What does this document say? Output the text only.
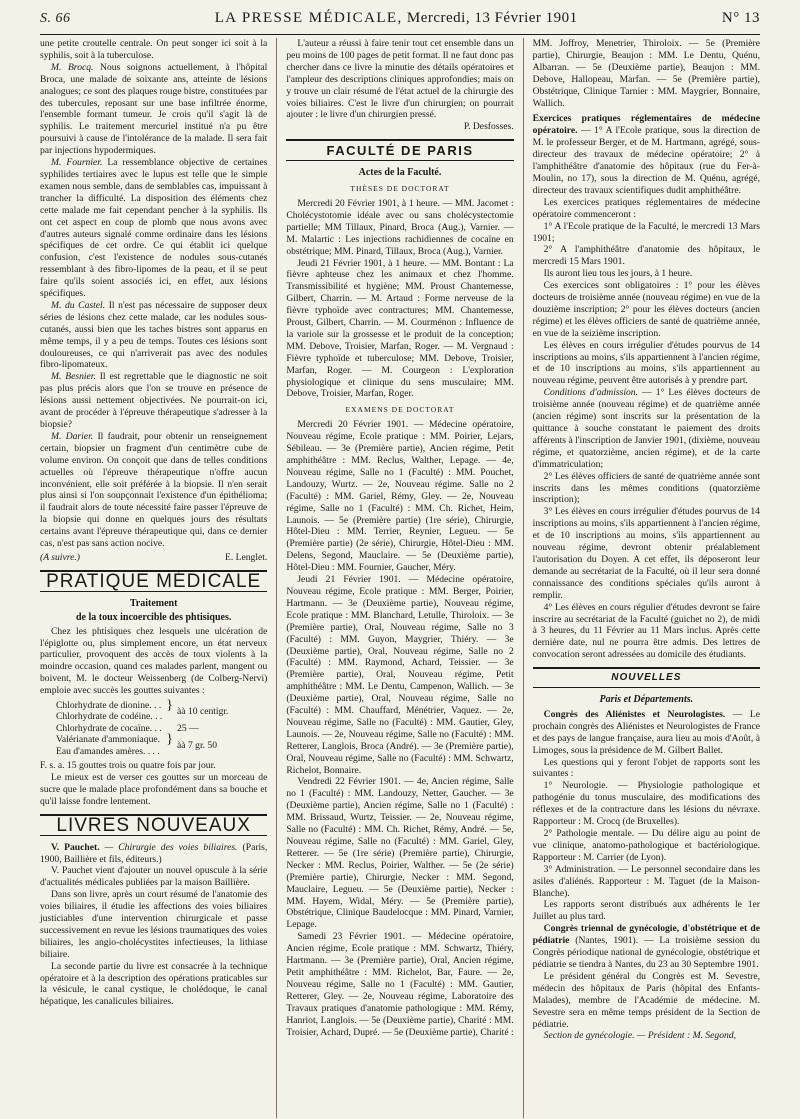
S. 66	LA PRESSE MÉDICALE, Mercredi, 13 Février 1901	N° 13

une petite croutelle centrale. On peut songer ici soit à la syphilis, soit à la tuberculose.

M. Brocq. Nous soignons actuellement, à l'hôpital Broca, une malade de soixante ans, atteinte de lésions analogues; ce sont des plaques rouge bistre, constituées par des tubercules, reposant sur une base infiltrée énorme, l'ensemble formant tumeur. Je crois qu'il s'agit là de syphilis. Le traitement mercuriel institué n'a pu être poursuivi à cause de l'intolérance de la malade. Il sera fait par injections hypodermiques.

M. Fournier. La ressemblance objective de certaines syphilides tertiaires avec le lupus est telle que le simple examen nous semble, dans de semblables cas, impuissant à trancher la difficulté. La disposition des éléments chez cette malade me fait cependant pencher à la syphilis. Ils ont cet aspect en coup de plomb que nous avons avec d'autres auteurs signalé comme ordinaire dans les lésions spécifiques de cet ordre. Ce qui établit ici quelque confusion, c'est l'existence de nodules sous-cutanés ressemblant à des fibro-lipomes de la peau, et il se peut faire qu'ils soient associés ici, en effet, aux lésions spécifiques.

M. du Castel. Il n'est pas nécessaire de supposer deux séries de lésions chez cette malade, car les nodules sous-cutanés, aussi bien que les taches bistres sont apparus en même temps, il y a peu de temps. Toutes ces lésions sont douloureuses, ce qui n'arriverait pas avec des nodules fibro-lipomateux.

M. Besnier. Il est regrettable que le diagnostic ne soit pas plus précis alors que l'on se trouve en présence de lésions aussi nettement objectivées. Ne pourrait-on ici, avant de procéder à l'épreuve thérapeutique s'adresser à la biopsie?

M. Darier. Il faudrait, pour obtenir un renseignement certain, biopsier un fragment d'un centimètre cube de volume environ. On conçoit que dans de telles conditions actuelles où l'épreuve thérapeutique n'offre aucun inconvénient, elle soit préférée à la biopsie. Il n'en serait plus ainsi si l'on soupçonnait l'existence d'un épithélioma; il faudrait alors de toute nécessité faire passer l'épreuve de la biopsie qui donne en quelques jours des résultats certains avant l'épreuve thérapeutique qui, dans ce dernier cas, n'est pas sans action nocive.

(A suivre.)	E. Lenglet.
PRATIQUE MÉDICALE
Traitement
de la toux incoercible des phtisiques.

Chez les phtisiques chez lesquels une ulcération de l'épiglotte ou, plus simplement encore, un état nerveux particulier, provoquent des accès de toux violents à la moindre occasion, quand ces malades parlent, mangent ou boivent, M. le docteur Weissenberg (de Colberg-Nervi) emploie avec succès les gouttes suivantes :

Chlorhydrate de dionine. . .	}	àà 10 centigr.
Chlorhydrate de codéine. . .		
Chlorhydrate de cocaïne. . .		25 —
Valérianate d'ammoniaque.	}	àà 7 gr. 50
Eau d'amandes amères. . . .		

F. s. a. 15 gouttes trois ou quatre fois par jour.

Le mieux est de verser ces gouttes sur un morceau de sucre que le malade place profondément dans sa bouche et qu'il laisse fondre lentement.

LIVRES NOUVEAUX

V. Pauchet. — Chirurgie des voies biliaires. (Paris, 1900, Baillière et fils, éditeurs.)

V. Pauchet vient d'ajouter un nouvel opuscule à la série d'actualités médicales publiées par la maison Baillière.

Dans son livre, après un court résumé de l'anatomie des voies biliaires, il étudie les affections des voies biliaires justiciables d'une intervention chirurgicale et passe successivement en revue les lésions traumatiques des voies biliaires, les angio-cholécystites infectieuses, la lithiase biliaire.

La seconde partie du livre est consacrée à la technique opératoire et à la description des opérations praticables sur la vésicule, le canal cystique, le cholédoque, le canal hépatique, les canalicules biliaires.

L'auteur a réussi à faire tenir tout cet ensemble dans un peu moins de 100 pages de petit format. Il ne faut donc pas chercher dans ce livre la minutie des détails opératoires et l'ampleur des descriptions cliniques approfondies; mais on y trouve un clair résumé de l'état actuel de la chirurgie des voies biliaires. C'est le livre d'un chirurgien; on pourrait ajouter : le livre d'un chirurgien pressé.

P. Desfosses.
FACULTÉ DE PARIS
Actes de la Faculté.
THÈSES DE DOCTORAT

Mercredi 20 Février 1901, à 1 heure. — MM. Jacomet : Cholécystotomie idéale avec ou sans cholécystectomie partielle; MM Tillaux, Pinard, Broca (Aug.), Varnier. — M. Malartic : Les injections rachidiennes de cocaïne en obstétrique; MM. Pinard, Tillaux, Broca (Aug.), Varnier.

Jeudi 21 Février 1901, à 1 heure. — MM. Bontant : La fièvre aphteuse chez les animaux et chez l'homme. Transmissibilité et hygiène; MM. Proust Chantemesse, Gilbert, Charrin. — M. Artaud : Forme nerveuse de la fièvre typhoïde avec contractures; MM. Chantemesse, Proust, Gilbert, Charrin. — M. Courménon : Influence de la variole sur la grossesse et le produit de la conception; MM. Debove, Troisier, Marfan, Roger. — M. Vergnaud : Fièvre typhoïde et tuberculose; MM. Debove, Troisier, Marfan, Roger. — M. Courgeon : L'exploration physiologique et clinique du sens musculaire; MM. Debove, Troisier, Marfan, Roger.

EXAMENS DE DOCTORAT

Mercredi 20 Février 1901. — Médecine opératoire, Nouveau régime, Ecole pratique : MM. Poirier, Lejars, Sébileau. — 3e (Première partie), Ancien régime, Petit amphithéâtre : MM. Reclus, Walther, Lepage. — 4e, Nouveau régime, Salle no 1 (Faculté) : MM. Pouchet, Landouzy, Wurtz. — 2e, Nouveau régime. Salle no 2 (Faculté) : MM. Gariel, Rémy, Gley. — 2e, Nouveau régime, Salle no 1 (Faculté) : MM. Ch. Richet, Heim, Launois. — 5e (Première partie) (1re série), Chirurgie, Hôtel-Dieu : MM. Terrier, Reynier, Legueu. — 5e (Première partie) (2e série), Chirurgie, Hôtel-Dieu : MM. Delens, Segond, Mauclaire. — 5e (Deuxième partie), Hôtel-Dieu : MM. Fournier, Gaucher, Méry.

Jeudi 21 Février 1901. — Médecine opératoire, Nouveau régime, Ecole pratique : MM. Berger, Poirier, Hartmann. — 3e (Deuxième partie), Nouveau régime, Ecole pratique : MM. Blanchard, Letulle, Thiroloix. — 3e (Première partie), Oral, Nouveau régime, Salle no 3 (Faculté) : MM. Guyon, Maygrier, Thiéry. — 3e (Deuxième partie), Oral, Nouveau régime, Salle no 2 (Faculté) : MM. Raymond, Achard, Teissier. — 3e (Première partie), Oral, Nouveau régime, Petit amphithéâtre : MM. Le Dentu, Campenon, Wallich. — 3e (Deuxième partie), Oral, Nouveau régime, Salle no (Faculté) : MM. Chauffard, Ménétrier, Vaquez. — 2e, Nouveau régime, Salle no (Faculté) : MM. Gautier, Gley, Launois. — 2e, Nouveau régime, Salle no (Faculté) : MM. Retterer, Langlois, Broca (André). — 3e (Première partie), Oral, Nouveau régime, Salle no (Faculté) : MM. Schwartz, Richelot, Bonnaire.

Vendredi 22 Février 1901. — 4e, Ancien régime, Salle no 1 (Faculté) : MM. Landouzy, Netter, Gaucher. — 3e (Deuxième partie), Ancien régime, Salle no 1 (Faculté) : MM. Brissaud, Wurtz, Teissier. — 2e, Nouveau régime, Salle no (Faculté) : MM. Ch. Richet, Rémy, André. — 5e, Nouveau régime, Salle no (Faculté) : MM. Gariel, Gley, Retterer. — 5e (1re série) (Première partie), Chirurgie, Necker : MM. Reclus, Poirier, Walther. — 5e (2e série) (Première partie), Chirurgie, Necker : MM. Segond, Mauclaire, Legueu. — 5e (Deuxième partie), Necker : MM. Hayem, Widal, Méry. — 5e (Première partie), Obstétrique, Clinique Baudelocque : MM. Pinard, Varnier, Lepage.

Samedi 23 Février 1901. — Médecine opératoire, Ancien régime, Ecole pratique : MM. Schwartz, Thiéry, Hartmann. — 3e (Première partie), Oral, Ancien régime, Petit amphithéâtre : MM. Richelot, Bar, Faure. — 2e, Nouveau régime, Salle no 1 (Faculté) : MM. Gautier, Retterer, Gley. — 2e, Nouveau régime, Laboratoire des Travaux pratiques d'anatomie pathologique : MM. Rémy, Hanriot, Langlois. — 5e (Deuxième partie), Charité : MM. Troisier, Achard, Dupré. — 5e (Deuxième partie), Charité :

MM. Joffroy, Menetrier, Thiroloix. — 5e (Première partie), Chirurgie, Beaujon : MM. Le Dentu, Quénu, Albarran. — 5e (Deuxième partie), Beaujon : MM. Debove, Hallopeau, Marfan. — 5e (Première partie), Obstétrique, Clinique Tarnier : MM. Maygrier, Bonnaire, Wallich.

Exercices pratiques réglementaires de médecine opératoire. — 1° A l'Ecole pratique, sous la direction de M. le professeur Berger, et de M. Hartmann, agrégé, sous-directeur des travaux de médecine opératoire; 2° à l'amphithéâtre d'anatomie des hôpitaux (rue du Fer-à-Moulin, no 17), sous la direction de M. Quénu, agrégé, directeur des travaux scientifiques dudit amphithéâtre.

Les exercices pratiques réglementaires de médecine opératoire commenceront :

1° A l'Ecole pratique de la Faculté, le mercredi 13 Mars 1901;

2° A l'amphithéâtre d'anatomie des hôpitaux, le mercredi 15 Mars 1901.

Ils auront lieu tous les jours, à 1 heure.

Ces exercices sont obligatoires : 1° pour les élèves docteurs de troisième année (nouveau régime) en vue de la douzième inscription; 2° pour les élèves docteurs (ancien régime) et les élèves officiers de santé de quatrième année, en vue de la seizième inscription.

Les élèves en cours irrégulier d'études pourvus de 14 inscriptions au moins, s'ils appartiennent à l'ancien régime, et de 10 inscriptions au moins, s'ils appartiennent au nouveau régime, peuvent être autorisés à y prendre part.

Conditions d'admission. — 1° Les élèves docteurs de troisième année (nouveau régime) et de quatrième année (ancien régime) sont inscrits sur la présentation de la quittance à souche constatant le paiement des droits afférents à l'inscription de Janvier 1901, (dixième, nouveau régime, et quatorzième, ancien régime), et de la carte d'immatriculation;

2° Les élèves officiers de santé de quatrième année sont inscrits dans les mêmes conditions (quatorzième inscription);

3° Les élèves en cours irrégulier d'études pourvus de 14 inscriptions au moins, s'ils appartiennent à l'ancien régime, et de 10 inscriptions au moins, s'ils appartiennent au nouveau régime, devront obtenir préalablement l'autorisation du Doyen. A cet effet, ils déposeront leur demande au secrétariat de la Faculté, où il leur sera donné connaissance des conditions spéciales qu'ils auront à remplir.

4° Les élèves en cours régulier d'études devront se faire inscrire au secrétariat de la Faculté (guichet no 2), de midi à 3 heures, du 11 Février au 11 Mars inclus. Après cette dernière date, nul ne pourra être admis. Des lettres de convocation seront adressées au domicile des étudiants.

NOUVELLES
Paris et Départements.

Congrès des Aliénistes et Neurologistes. — Le prochain congrès des Aliénistes et Neurologistes de France et des pays de langue française, aura lieu au mois d'Août, à Limoges, sous la présidence de M. Gilbert Ballet.

Les questions qui y feront l'objet de rapports sont les suivantes :

1° Neurologie. — Physiologie pathologique et pathogénie du tonus musculaire, des modifications des réflexes et de la contracture dans les lésions du névraxe. Rapporteur : M. Crocq (de Bruxelles).

2° Pathologie mentale. — Du délire aigu au point de vue clinique, anatomo-pathologique et bactériologique. Rapporteur : M. Carrier (de Lyon).

3° Administration. — Le personnel secondaire dans les asiles d'aliénés. Rapporteur : M. Taguet (de la Maison-Blanche).

Les rapports seront distribués aux adhérents le 1er Juillet au plus tard.

Congrès triennal de gynécologie, d'obstétrique et de pédiatrie (Nantes, 1901). — La troisième session du Congrès périodique national de gynécologie, obstétrique et pédiatrie se tiendra à Nantes, du 23 au 30 Septembre 1901.

Le président général du Congrès est M. Sevestre, médecin des hôpitaux de Paris (hôpital des Enfants-Malades), membre de l'Académie de médecine. M. Sevestre sera en même temps président de la Section de pédiatrie.

Section de gynécologie. — Président : M. Segond,
